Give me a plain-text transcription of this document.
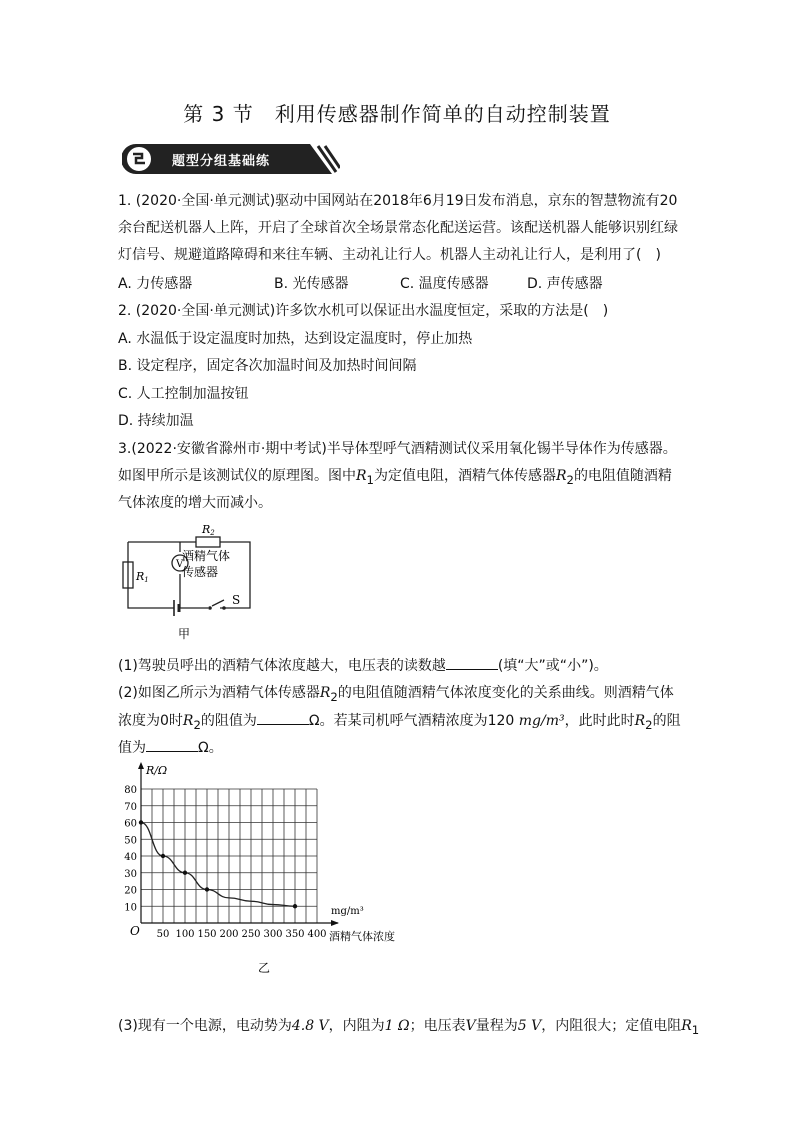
第 3 节　利用传感器制作简单的自动控制装置
题型分组基础练
1. (2020·全国·单元测试)驱动中国网站在2018年6月19日发布消息，京东的智慧物流有20
余台配送机器人上阵，开启了全球首次全场景常态化配送运营。该配送机器人能够识别红绿
灯信号、规避道路障碍和来往车辆、主动礼让行人。机器人主动礼让行人，是利用了(　)
A. 力传感器	B. 光传感器	C. 温度传感器	D. 声传感器
2. (2020·全国·单元测试)许多饮水机可以保证出水温度恒定，采取的方法是(　)
A. 水温低于设定温度时加热，达到设定温度时，停止加热
B. 设定程序，固定各次加温时间及加热时间间隔
C. 人工控制加温按钮
D. 持续加温
3.(2022·安徽省滁州市·期中考试)半导体型呼气酒精测试仪采用氧化锡半导体作为传感器。
如图甲所示是该测试仪的原理图。图中$R_1$为定值电阻，酒精气体传感器$R_2$的电阻值随酒精
气体浓度的增大而减小。
R2
酒精气体
传感器
R1
V
S
甲
(1)驾驶员呼出的酒精气体浓度越大，电压表的读数越	(填“大”或“小”)。
(2)如图乙所示为酒精气体传感器$R_2$的电阻值随酒精气体浓度变化的关系曲线。则酒精气体
浓度为0时$R_2$的阻值为	Ω。若某司机呼气酒精浓度为120 mg/m³，此时此时$R_2$的阻
值为	Ω。
10
20
30
40
50
60
70
80
50 100 150 200 250 300 350 400
R/Ω
mg/m³
酒精气体浓度
O
乙
(3)现有一个电源，电动势为4.8 V，内阻为1 Ω；电压表V量程为5 V，内阻很大；定值电阻$R_1$
